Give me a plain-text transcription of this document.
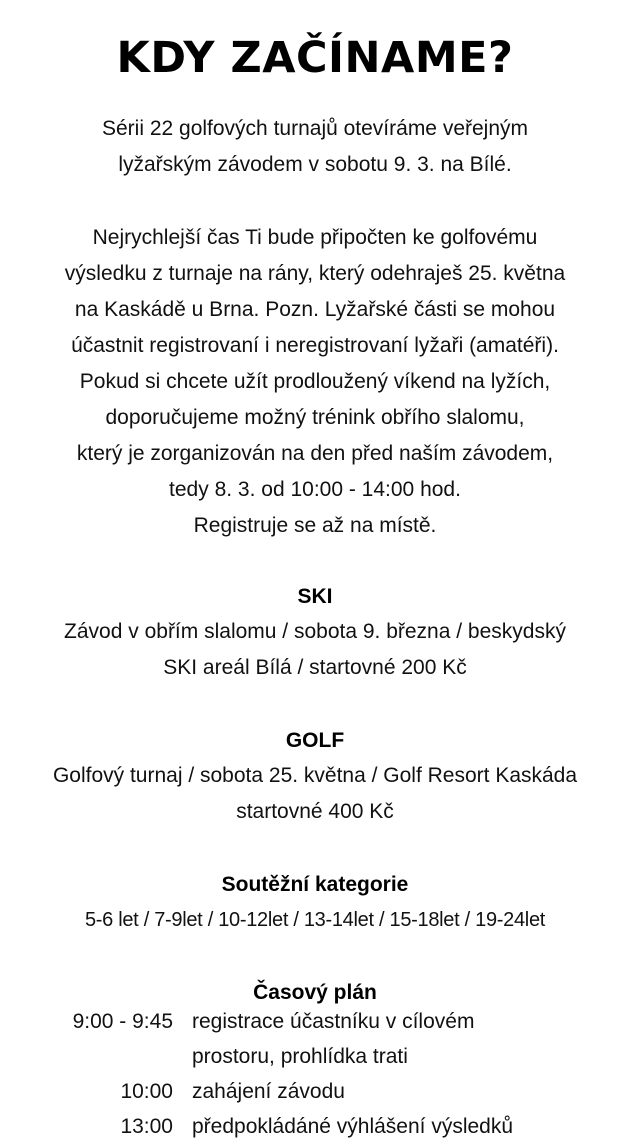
KDY ZAČÍNAME?
Sérii 22 golfových turnajů otevíráme veřejným
lyžařským závodem v sobotu 9. 3. na Bílé.
Nejrychlejší čas Ti bude připočten ke golfovému
výsledku z turnaje na rány, který odehraješ 25. května
na Kaskádě u Brna. Pozn. Lyžařské části se mohou
účastnit registrovaní i neregistrovaní lyžaři (amatéři).
Pokud si chcete užít prodloužený víkend na lyžích,
doporučujeme možný trénink obřího slalomu,
který je zorganizován na den před naším závodem,
tedy 8. 3. od 10:00 - 14:00 hod.
Registruje se až na místě.
SKI
Závod v obřím slalomu / sobota 9. března / beskydský
SKI areál Bílá / startovné 200 Kč
GOLF
Golfový turnaj / sobota 25. května / Golf Resort Kaskáda
startovné 400 Kč
Soutěžní kategorie
5-6 let / 7-9let / 10-12let / 13-14let / 15-18let / 19-24let
Časový plán
9:00 - 9:45 registrace účastníku v cílovém
prostoru, prohlídka trati
10:00 zahájení závodu
13:00 předpokládáné výhlášení výsledků
